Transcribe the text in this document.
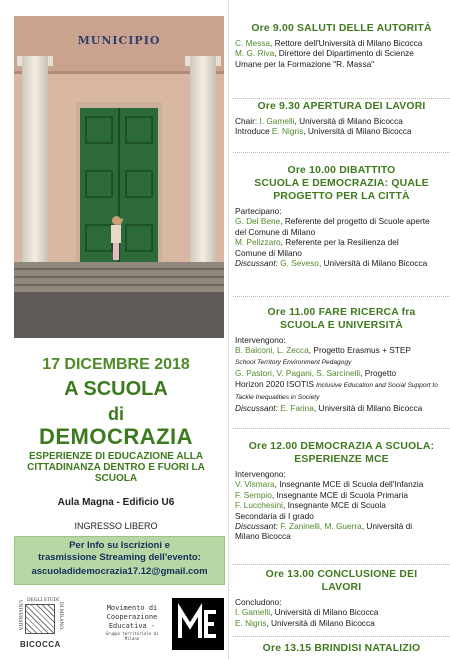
MUNICIPIO
17 DICEMBRE 2018
A SCUOLA
di
DEMOCRAZIA
ESPERIENZE DI EDUCAZIONE ALLA CITTADINANZA DENTRO E FUORI LA SCUOLA
Aula Magna - Edificio U6
INGRESSO LIBERO
Per Info su Iscrizioni e
trasmissione Streaming dell'evento:
ascuoladidemocrazia17.12@gmail.com
UNIVERSITÀ DEGLI STUDI
DI MILANO
BICOCCA
Movimento di
Cooperazione
Educativa -
Gruppo territoriale di
Milano
Ore 9.00 SALUTI DELLE AUTORITÀ
C. Messa, Rettore dell'Università di Milano Bicocca
M. G. Riva, Direttore del Dipartimento di Scienze
Umane per la Formazione "R. Massa"
Ore 9.30 APERTURA DEI LAVORI
Chair: I. Gamelli, Università di Milano Bicocca
Introduce E. Nigris, Università di Milano Bicocca
Ore 10.00 DIBATTITO
SCUOLA E DEMOCRAZIA: QUALE
PROGETTO PER LA CITTÀ
Partecipano:
G. Del Bene, Referente del progetto di Scuole aperte
del Comune di Milano
M. Pelizzaro, Referente per la Resilienza del
Comune di Milano
Discussant: G. Seveso, Università di Milano Bicocca
Ore 11.00 FARE RICERCA fra
SCUOLA E UNIVERSITÀ
Intervengono:
B. Balconi, L. Zecca, Progetto Erasmus + STEP
School Territory Environment Pedagogy
G. Pastori, V. Pagani, S. Sarcinelli, Progetto
Horizon 2020 ISOTIS Inclusive Education and Social Support to
Tackle Inequalities in Society
Discussant: E. Farina, Università di Milano Bicocca
Ore 12.00 DEMOCRAZIA A SCUOLA:
ESPERIENZE MCE
Intervengono:
V. Vismara, Insegnante MCE di Scuola dell'Infanzia
F. Sempio, Insegnante MCE di Scuola Primaria
F. Lucchesini, Insegnante MCE di Scuola
Secondaria di I grado
Discussant: F. Zaninelli, M. Guerra, Università di
Milano Bicocca
Ore 13.00 CONCLUSIONE DEI
LAVORI
Concludono:
I. Gamelli, Università di Milano Bicocca
E. Nigris, Università di Milano Bicocca
Ore 13.15 BRINDISI NATALIZIO
